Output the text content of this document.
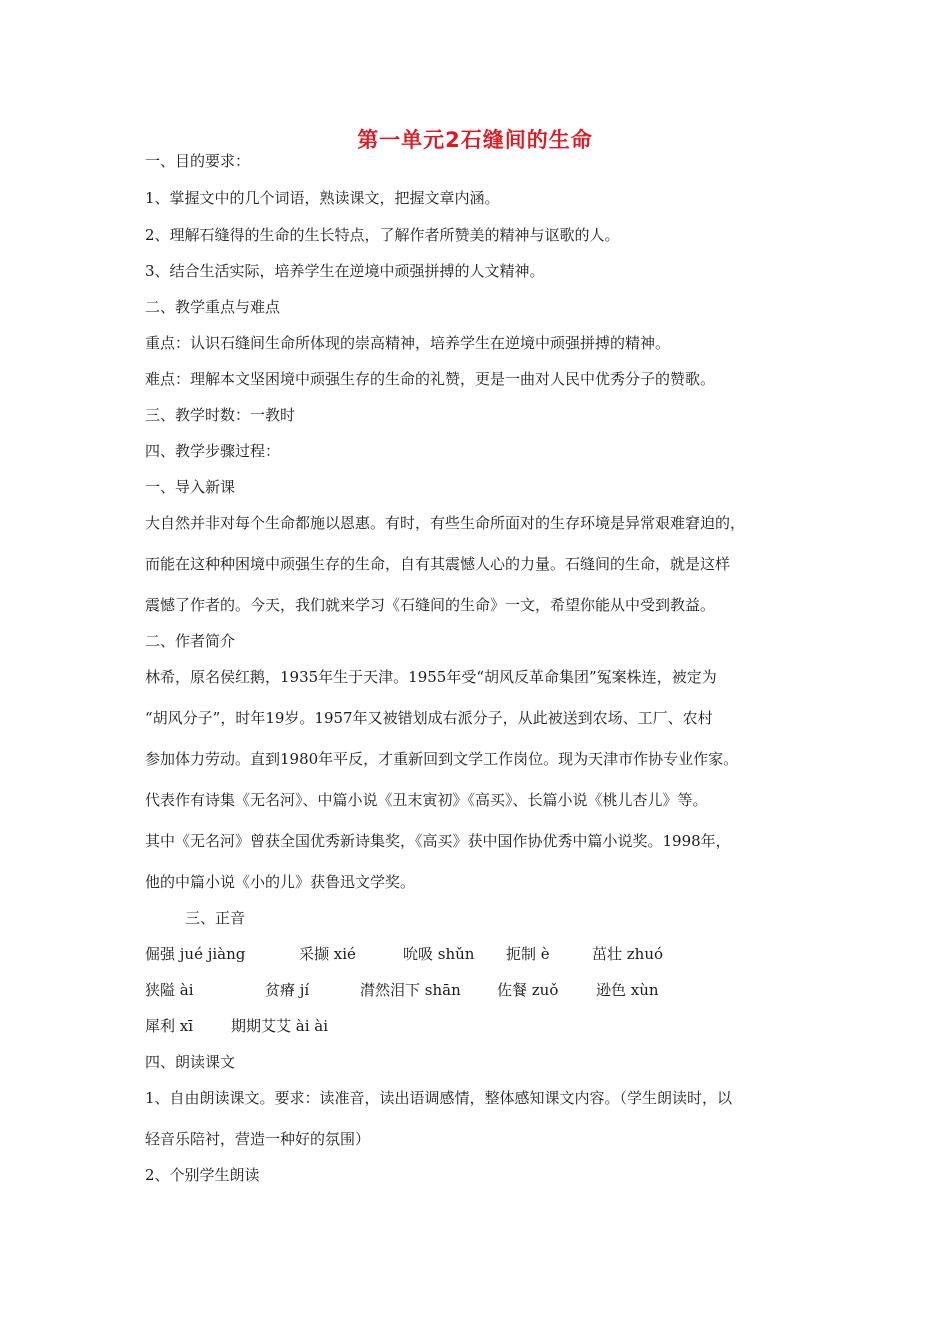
第一单元2石缝间的生命
一、目的要求：
1、掌握文中的几个词语，熟读课文，把握文章内涵。
2、理解石缝得的生命的生长特点，了解作者所赞美的精神与讴歌的人。
3、结合生活实际，培养学生在逆境中顽强拼搏的人文精神。
二、教学重点与难点
重点：认识石缝间生命所体现的崇高精神，培养学生在逆境中顽强拼搏的精神。
难点：理解本文坚困境中顽强生存的生命的礼赞，更是一曲对人民中优秀分子的赞歌。
三、教学时数：一教时
四、教学步骤过程：
一、导入新课
大自然并非对每个生命都施以恩惠。有时，有些生命所面对的生存环境是异常艰难窘迫的，
而能在这种种困境中顽强生存的生命，自有其震憾人心的力量。石缝间的生命，就是这样
震憾了作者的。今天，我们就来学习《石缝间的生命》一文，希望你能从中受到教益。
二、作者简介
林希，原名侯红鹅，1935年生于天津。1955年受“胡风反革命集团”冤案株连，被定为
“胡风分子”，时年19岁。1957年又被错划成右派分子，从此被送到农场、工厂、农村
参加体力劳动。直到1980年平反，才重新回到文学工作岗位。现为天津市作协专业作家。
代表作有诗集《无名河》、中篇小说《丑末寅初》《高买》、长篇小说《桃儿杏儿》等。
其中《无名河》曾获全国优秀新诗集奖，《高买》获中国作协优秀中篇小说奖。1998年，
他的中篇小说《小的儿》获鲁迅文学奖。
三、正音
倔强 jué jiàng	采撷 xié	吮吸 shǔn 扼制 è	茁壮 zhuó
狭隘 ài	贫瘠 jí	潸然泪下 shān 佐餐 zuǒ	逊色 xùn
犀利 xī	期期艾艾 ài ài
四、朗读课文
1、自由朗读课文。要求：读准音，读出语调感情，整体感知课文内容。（学生朗读时，以
轻音乐陪衬，营造一种好的氛围）
2、个别学生朗读
